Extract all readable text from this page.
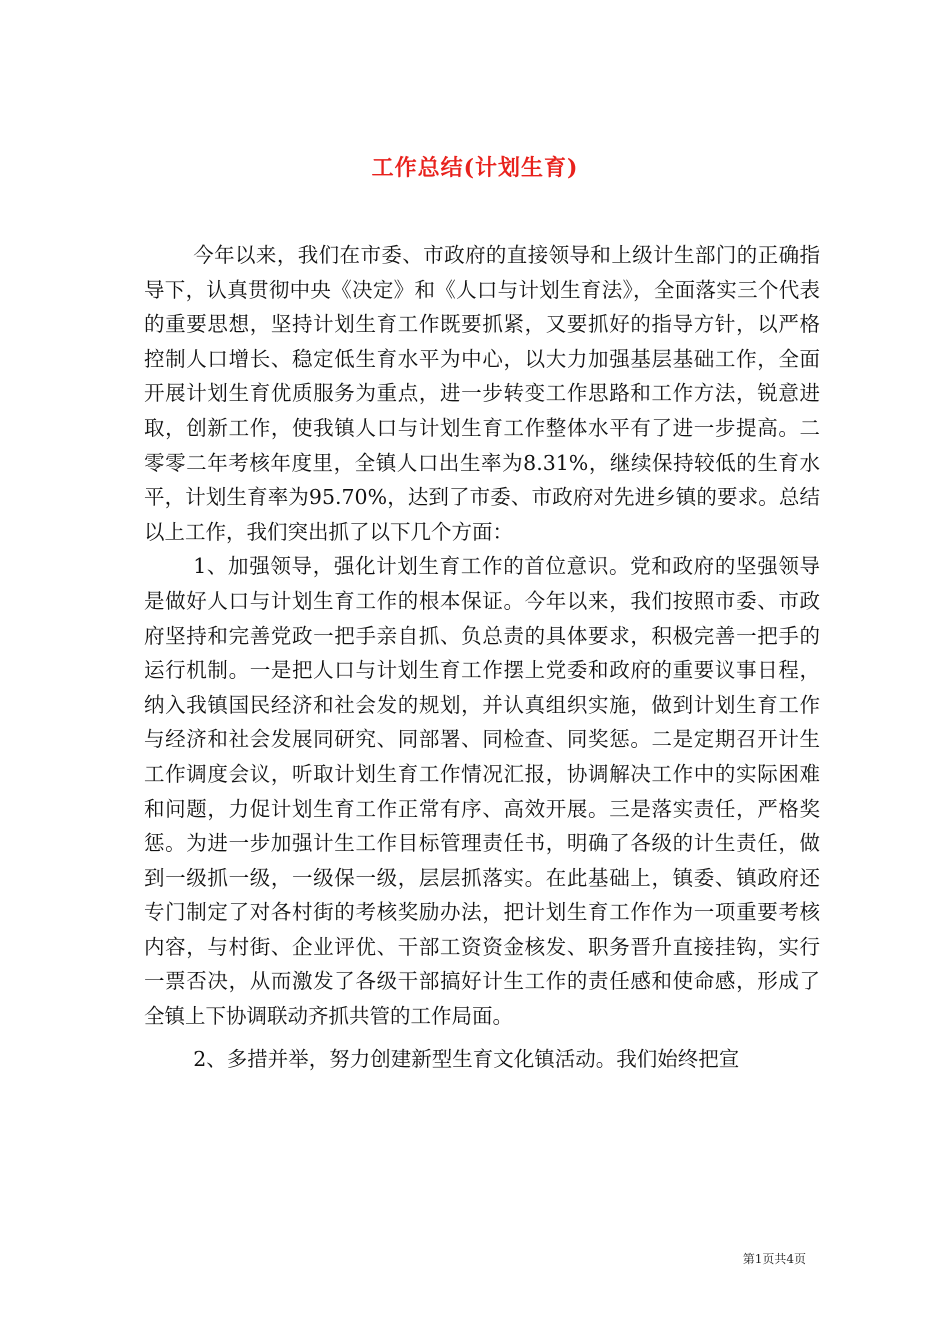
工作总结(计划生育)

今年以来，我们在市委、市政府的直接领导和上级计生部门的正确指导下，认真贯彻中央《决定》和《人口与计划生育法》，全面落实三个代表的重要思想，坚持计划生育工作既要抓紧，又要抓好的指导方针，以严格控制人口增长、稳定低生育水平为中心，以大力加强基层基础工作，全面开展计划生育优质服务为重点，进一步转变工作思路和工作方法，锐意进取，创新工作，使我镇人口与计划生育工作整体水平有了进一步提高。二零零二年考核年度里，全镇人口出生率为8.31%，继续保持较低的生育水平，计划生育率为95.70%，达到了市委、市政府对先进乡镇的要求。总结以上工作，我们突出抓了以下几个方面：

1、加强领导，强化计划生育工作的首位意识。党和政府的坚强领导是做好人口与计划生育工作的根本保证。今年以来，我们按照市委、市政府坚持和完善党政一把手亲自抓、负总责的具体要求，积极完善一把手的运行机制。一是把人口与计划生育工作摆上党委和政府的重要议事日程，纳入我镇国民经济和社会发的规划，并认真组织实施，做到计划生育工作与经济和社会发展同研究、同部署、同检查、同奖惩。二是定期召开计生工作调度会议，听取计划生育工作情况汇报，协调解决工作中的实际困难和问题，力促计划生育工作正常有序、高效开展。三是落实责任，严格奖惩。为进一步加强计生工作目标管理责任书，明确了各级的计生责任，做到一级抓一级，一级保一级，层层抓落实。在此基础上，镇委、镇政府还专门制定了对各村街的考核奖励办法，把计划生育工作作为一项重要考核内容，与村街、企业评优、干部工资资金核发、职务晋升直接挂钩，实行一票否决，从而激发了各级干部搞好计生工作的责任感和使命感，形成了全镇上下协调联动齐抓共管的工作局面。

2、多措并举，努力创建新型生育文化镇活动。我们始终把宣

第1页共4页
